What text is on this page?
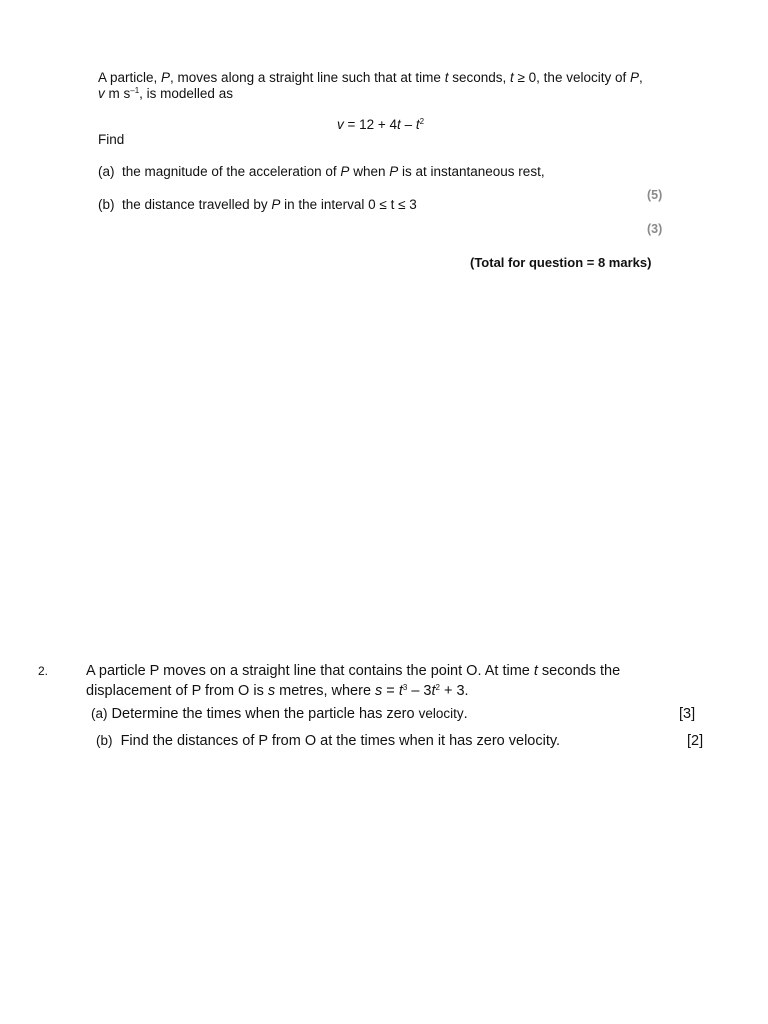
A particle, P, moves along a straight line such that at time t seconds, t ≥ 0, the velocity of P,
v m $s^{-1}$, is modelled as
$v = 12 + 4t - t^2$
Find
(a) the magnitude of the acceleration of P when P is at instantaneous rest,
(5)
(b) the distance travelled by P in the interval 0 ≤ t ≤ 3
(3)
(Total for question = 8 marks)
2.	A particle P moves on a straight line that contains the point O. At time t seconds the
displacement of P from O is s metres, where $s = t^3 - 3t^2 + 3$.
(a) Determine the times when the particle has zero velocity.	[3]
(b) Find the distances of P from O at the times when it has zero velocity.	[2]
